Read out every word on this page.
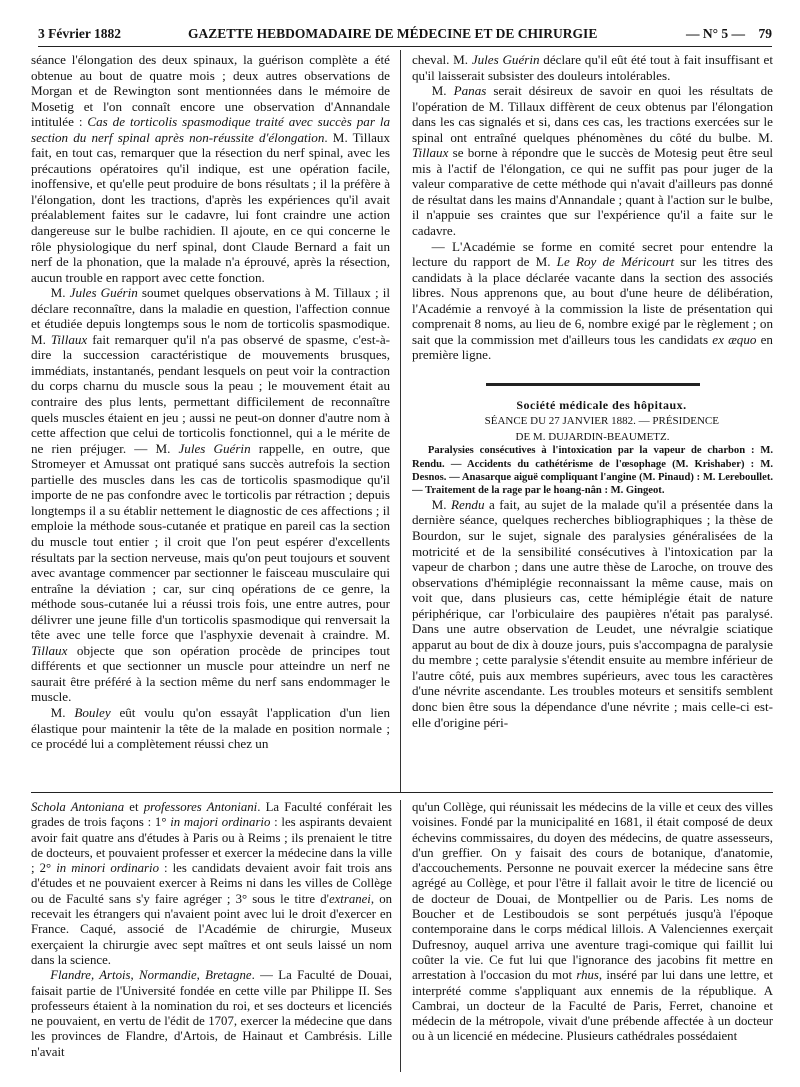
3 Février 1882	GAZETTE HEBDOMADAIRE DE MÉDECINE ET DE CHIRURGIE	— N° 5 — 79

séance l'élongation des deux spinaux, la guérison complète a été obtenue au bout de quatre mois ; deux autres observations de Morgan et de Rewington sont mentionnées dans le mémoire de Mosetig et l'on connaît encore une observation d'Annandale intitulée : Cas de torticolis spasmodique traité avec succès par la section du nerf spinal après non-réussite d'élongation. M. Tillaux fait, en tout cas, remarquer que la résection du nerf spinal, avec les précautions opératoires qu'il indique, est une opération facile, inoffensive, et qu'elle peut produire de bons résultats ; il la préfère à l'élongation, dont les tractions, d'après les expériences qu'il avait préalablement faites sur le cadavre, lui font craindre une action dangereuse sur le bulbe rachidien. Il ajoute, en ce qui concerne le rôle physiologique du nerf spinal, dont Claude Bernard a fait un nerf de la phonation, que la malade n'a éprouvé, après la résection, aucun trouble en rapport avec cette fonction.

M. Jules Guérin soumet quelques observations à M. Tillaux ; il déclare reconnaître, dans la maladie en question, l'affection connue et étudiée depuis longtemps sous le nom de torticolis spasmodique. M. Tillaux fait remarquer qu'il n'a pas observé de spasme, c'est-à-dire la succession caractéristique de mouvements brusques, immédiats, instantanés, pendant lesquels on peut voir la contraction du corps charnu du muscle sous la peau ; le mouvement était au contraire des plus lents, permettant difficilement de reconnaître quels muscles étaient en jeu ; aussi ne peut-on donner d'autre nom à cette affection que celui de torticolis fonctionnel, qui a le mérite de ne rien préjuger. — M. Jules Guérin rappelle, en outre, que Stromeyer et Amussat ont pratiqué sans succès autrefois la section partielle des muscles dans les cas de torticolis spasmodique qu'il importe de ne pas confondre avec le torticolis par rétraction ; depuis longtemps il a su établir nettement le diagnostic de ces affections ; il emploie la méthode sous-cutanée et pratique en pareil cas la section du muscle tout entier ; il croit que l'on peut espérer d'excellents résultats par la section nerveuse, mais qu'on peut toujours et souvent avec avantage commencer par sectionner le faisceau musculaire qui entraîne la déviation ; car, sur cinq opérations de ce genre, la méthode sous-cutanée lui a réussi trois fois, une entre autres, pour délivrer une jeune fille d'un torticolis spasmodique qui renversait la tête avec une telle force que l'asphyxie devenait à craindre. M. Tillaux objecte que son opération procède de principes tout différents et que sectionner un muscle pour atteindre un nerf ne saurait être préféré à la section même du nerf sans endommager le muscle.

M. Bouley eût voulu qu'on essayât l'application d'un lien élastique pour maintenir la tête de la malade en position normale ; ce procédé lui a complètement réussi chez un

cheval. M. Jules Guérin déclare qu'il eût été tout à fait insuffisant et qu'il laisserait subsister des douleurs intolérables.

M. Panas serait désireux de savoir en quoi les résultats de l'opération de M. Tillaux diffèrent de ceux obtenus par l'élongation dans les cas signalés et si, dans ces cas, les tractions exercées sur le spinal ont entraîné quelques phénomènes du côté du bulbe. M. Tillaux se borne à répondre que le succès de Motesig peut être seul mis à l'actif de l'élongation, ce qui ne suffit pas pour juger de la valeur comparative de cette méthode qui n'avait d'ailleurs pas donné de résultat dans les mains d'Annandale ; quant à l'action sur le bulbe, il n'appuie ses craintes que sur l'expérience qu'il a faite sur le cadavre.

— L'Académie se forme en comité secret pour entendre la lecture du rapport de M. Le Roy de Méricourt sur les titres des candidats à la place déclarée vacante dans la section des associés libres. Nous apprenons que, au bout d'une heure de délibération, l'Académie a renvoyé à la commission la liste de présentation qui comprenait 8 noms, au lieu de 6, nombre exigé par le règlement ; on sait que la commission met d'ailleurs tous les candidats ex æquo en première ligne.

Société médicale des hôpitaux.

SÉANCE DU 27 JANVIER 1882. — PRÉSIDENCE
DE M. DUJARDIN-BEAUMETZ.

Paralysies consécutives à l'intoxication par la vapeur de charbon : M. Rendu. — Accidents du cathétérisme de l'œsophage (M. Krishaber) : M. Desnos. — Anasarque aiguë compliquant l'angine (M. Pinaud) : M. Lereboullet. — Traitement de la rage par le hoang-nân : M. Gingeot.

M. Rendu a fait, au sujet de la malade qu'il a présentée dans la dernière séance, quelques recherches bibliographiques ; la thèse de Bourdon, sur le sujet, signale des paralysies généralisées de la motricité et de la sensibilité consécutives à l'intoxication par la vapeur de charbon ; dans une autre thèse de Laroche, on trouve des observations d'hémiplégie reconnaissant la même cause, mais on voit que, dans plusieurs cas, cette hémiplégie était de nature périphérique, car l'orbiculaire des paupières n'était pas paralysé. Dans une autre observation de Leudet, une névralgie sciatique apparut au bout de dix à douze jours, puis s'accompagna de paralysie du membre ; cette paralysie s'étendit ensuite au membre inférieur de l'autre côté, puis aux membres supérieurs, avec tous les caractères d'une névrite ascendante. Les troubles moteurs et sensitifs semblent donc bien être sous la dépendance d'une névrite ; mais celle-ci est-elle d'origine péri-

Schola Antoniana et professores Antoniani. La Faculté conférait les grades de trois façons : 1° in majori ordinario : les aspirants devaient avoir fait quatre ans d'études à Paris ou à Reims ; ils prenaient le titre de docteurs, et pouvaient professer et exercer la médecine dans la ville ; 2° in minori ordinario : les candidats devaient avoir fait trois ans d'études et ne pouvaient exercer à Reims ni dans les villes de Collège ou de Faculté sans s'y faire agréger ; 3° sous le titre d'extranei, on recevait les étrangers qui n'avaient point avec lui le droit d'exercer en France. Caqué, associé de l'Académie de chirurgie, Museux exerçaient la chirurgie avec sept maîtres et ont seuls laissé un nom dans la science.

Flandre, Artois, Normandie, Bretagne. — La Faculté de Douai, faisait partie de l'Université fondée en cette ville par Philippe II. Ses professeurs étaient à la nomination du roi, et ses docteurs et licenciés ne pouvaient, en vertu de l'édit de 1707, exercer la médecine que dans les provinces de Flandre, d'Artois, de Hainaut et Cambrésis. Lille n'avait

qu'un Collège, qui réunissait les médecins de la ville et ceux des villes voisines. Fondé par la municipalité en 1681, il était composé de deux échevins commissaires, du doyen des médecins, de quatre assesseurs, d'un greffier. On y faisait des cours de botanique, d'anatomie, d'accouchements. Personne ne pouvait exercer la médecine sans être agrégé au Collège, et pour l'être il fallait avoir le titre de licencié ou de docteur de Douai, de Montpellier ou de Paris. Les noms de Boucher et de Lestiboudois se sont perpétués jusqu'à l'époque contemporaine dans le corps médical lillois. A Valenciennes exerçait Dufresnoy, auquel arriva une aventure tragi-comique qui faillit lui coûter la vie. Ce fut lui que l'ignorance des jacobins fit mettre en arrestation à l'occasion du mot rhus, inséré par lui dans une lettre, et interprété comme s'appliquant aux ennemis de la république. A Cambrai, un docteur de la Faculté de Paris, Ferret, chanoine et médecin de la métropole, vivait d'une prébende affectée à un docteur ou à un licencié en médecine. Plusieurs cathédrales possédaient
